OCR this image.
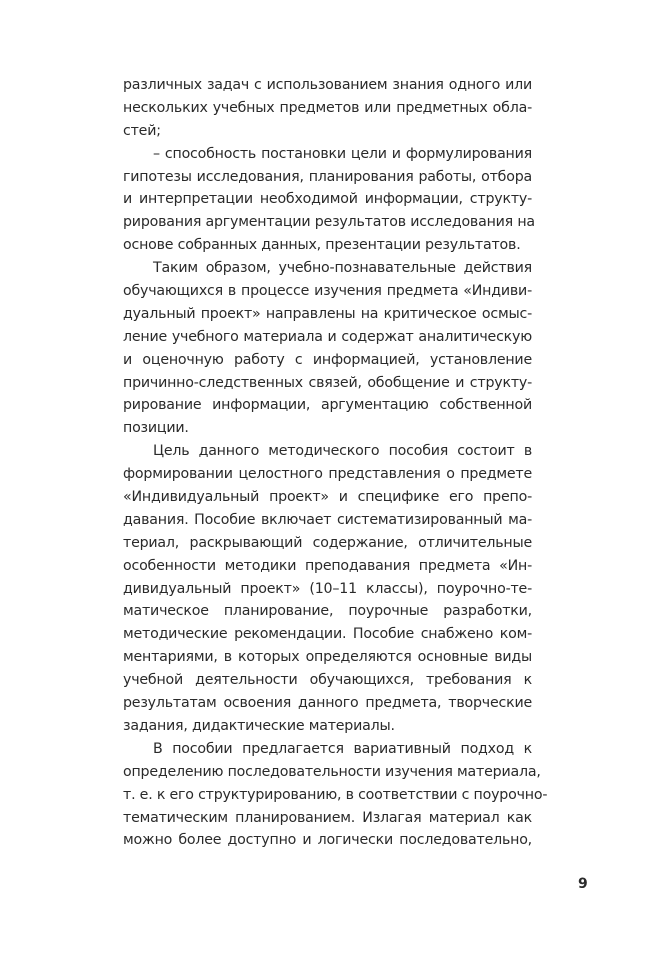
различных задач с использованием знания одного или
нескольких учебных предметов или предметных обла-
стей;
– способность постановки цели и формулирования
гипотезы исследования, планирования работы, отбора
и интерпретации необходимой информации, структу-
рирования аргументации результатов исследования на
основе собранных данных, презентации результатов.
Таким образом, учебно-познавательные действия
обучающихся в процессе изучения предмета «Индиви-
дуальный проект» направлены на критическое осмыс-
ление учебного материала и содержат аналитическую
и оценочную работу с информацией, установление
причинно-следственных связей, обобщение и структу-
рирование информации, аргументацию собственной
позиции.
Цель данного методического пособия состоит в
формировании целостного представления о предмете
«Индивидуальный проект» и специфике его препо-
давания. Пособие включает систематизированный ма-
териал, раскрывающий содержание, отличительные
особенности методики преподавания предмета «Ин-
дивидуальный проект» (10–11 классы), поурочно-те-
матическое планирование, поурочные разработки,
методические рекомендации. Пособие снабжено ком-
ментариями, в которых определяются основные виды
учебной деятельности обучающихся, требования к
результатам освоения данного предмета, творческие
задания, дидактические материалы.
В пособии предлагается вариативный подход к
определению последовательности изучения материала,
т. е. к его структурированию, в соответствии с поурочно-
тематическим планированием. Излагая материал как
можно более доступно и логически последовательно,
9
